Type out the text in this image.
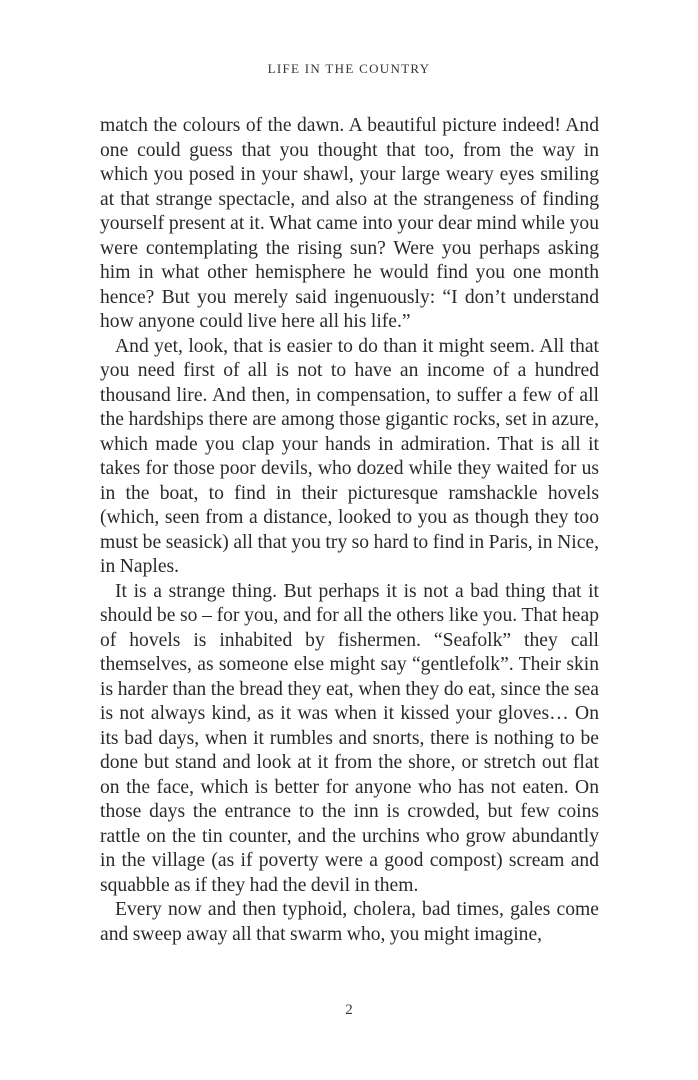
LIFE IN THE COUNTRY

match the colours of the dawn. A beautiful picture indeed! And one could guess that you thought that too, from the way in which you posed in your shawl, your large weary eyes smiling at that strange spectacle, and also at the strangeness of finding yourself present at it. What came into your dear mind while you were contemplating the rising sun? Were you perhaps asking him in what other hemisphere he would find you one month hence? But you merely said ingenuously: “I don’t understand how anyone could live here all his life.”

And yet, look, that is easier to do than it might seem. All that you need first of all is not to have an income of a hundred thousand lire. And then, in compensation, to suffer a few of all the hardships there are among those gigantic rocks, set in azure, which made you clap your hands in admiration. That is all it takes for those poor devils, who dozed while they waited for us in the boat, to find in their picturesque ramshackle hovels (which, seen from a distance, looked to you as though they too must be seasick) all that you try so hard to find in Paris, in Nice, in Naples.

It is a strange thing. But perhaps it is not a bad thing that it should be so – for you, and for all the others like you. That heap of hovels is inhabited by fishermen. “Seafolk” they call themselves, as someone else might say “gentlefolk”. Their skin is harder than the bread they eat, when they do eat, since the sea is not always kind, as it was when it kissed your gloves… On its bad days, when it rumbles and snorts, there is nothing to be done but stand and look at it from the shore, or stretch out flat on the face, which is better for anyone who has not eaten. On those days the entrance to the inn is crowded, but few coins rattle on the tin counter, and the urchins who grow abundantly in the village (as if poverty were a good compost) scream and squabble as if they had the devil in them.

Every now and then typhoid, cholera, bad times, gales come and sweep away all that swarm who, you might imagine,

2
